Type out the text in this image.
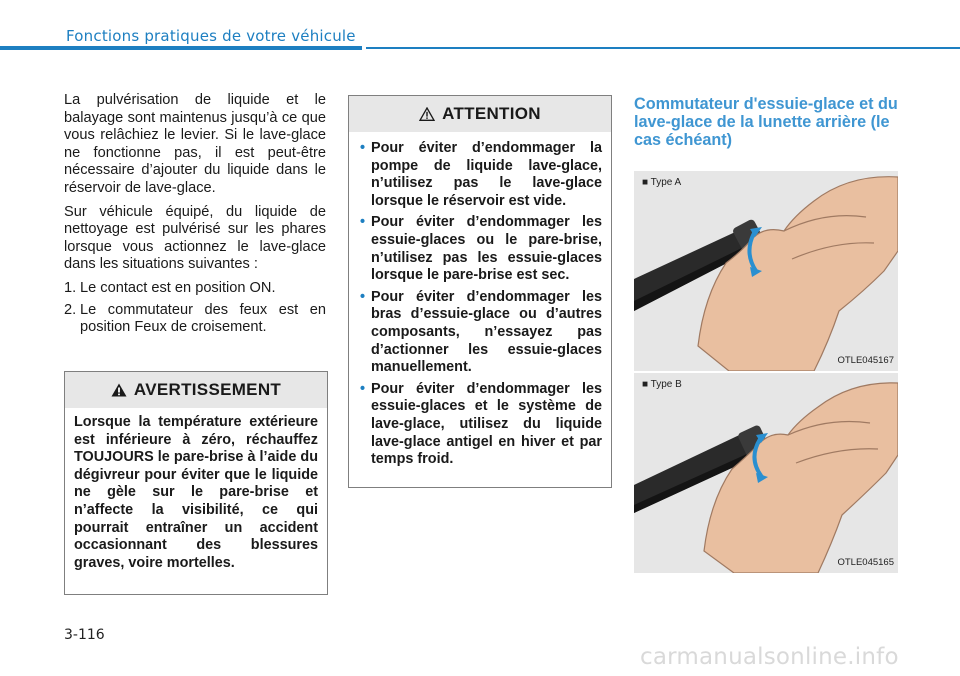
Fonctions pratiques de votre véhicule

La pulvérisation de liquide et le balayage sont maintenus jusqu’à ce que vous relâchiez le levier. Si le lave-glace ne fonctionne pas, il est peut-être nécessaire d’ajouter du liquide dans le réservoir de lave-glace.

Sur véhicule équipé, du liquide de nettoyage est pulvérisé sur les phares lorsque vous actionnez le lave-glace dans les situations suivantes :

1. Le contact est en position ON.
2. Le commutateur des feux est en position Feux de croisement.
AVERTISSEMENT
Lorsque la température extérieure est inférieure à zéro, réchauffez TOUJOURS le pare-brise à l’aide du dégivreur pour éviter que le liquide ne gèle sur le pare-brise et n’affecte la visibilité, ce qui pourrait entraîner un accident occasionnant des blessures graves, voire mortelles.
ATTENTION
• Pour éviter d’endommager la pompe de liquide lave-glace, n’utilisez pas le lave-glace lorsque le réservoir est vide.
• Pour éviter d’endommager les essuie-glaces ou le pare-brise, n’utilisez pas les essuie-glaces lorsque le pare-brise est sec.
• Pour éviter d’endommager les bras d’essuie-glace ou d’autres composants, n’essayez pas d’actionner les essuie-glaces manuellement.
• Pour éviter d’endommager les essuie-glaces et le système de lave-glace, utilisez du liquide lave-glace antigel en hiver et par temps froid.
Commutateur d'essuie-glace et du lave-glace de la lunette arrière (le cas échéant)
■ Type A
OTLE045167
■ Type B
OTLE045165
3-116
carmanualsonline.info
